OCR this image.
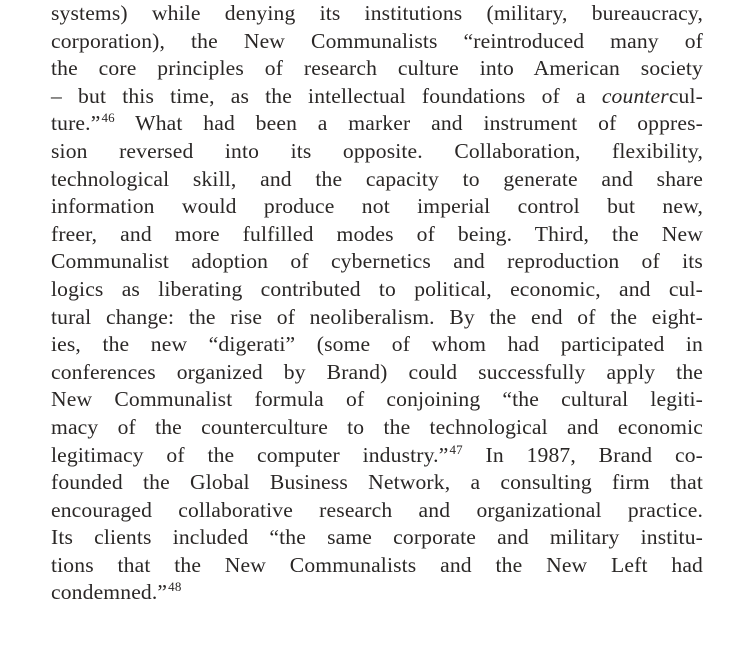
systems) while denying its institutions (military, bureaucracy,
corporation), the New Communalists “reintroduced many of
the core principles of research culture into American society
– but this time, as the intellectual foundations of a countercul-
ture.”$^{46}$ What had been a marker and instrument of oppres-
sion reversed into its opposite. Collaboration, flexibility,
technological skill, and the capacity to generate and share
information would produce not imperial control but new,
freer, and more fulfilled modes of being. Third, the New
Communalist adoption of cybernetics and reproduction of its
logics as liberating contributed to political, economic, and cul-
tural change: the rise of neoliberalism. By the end of the eight-
ies, the new “digerati” (some of whom had participated in
conferences organized by Brand) could successfully apply the
New Communalist formula of conjoining “the cultural legiti-
macy of the counterculture to the technological and economic
legitimacy of the computer industry.”$^{47}$ In 1987, Brand co-
founded the Global Business Network, a consulting firm that
encouraged collaborative research and organizational practice.
Its clients included “the same corporate and military institu-
tions that the New Communalists and the New Left had
condemned.”$^{48}$
